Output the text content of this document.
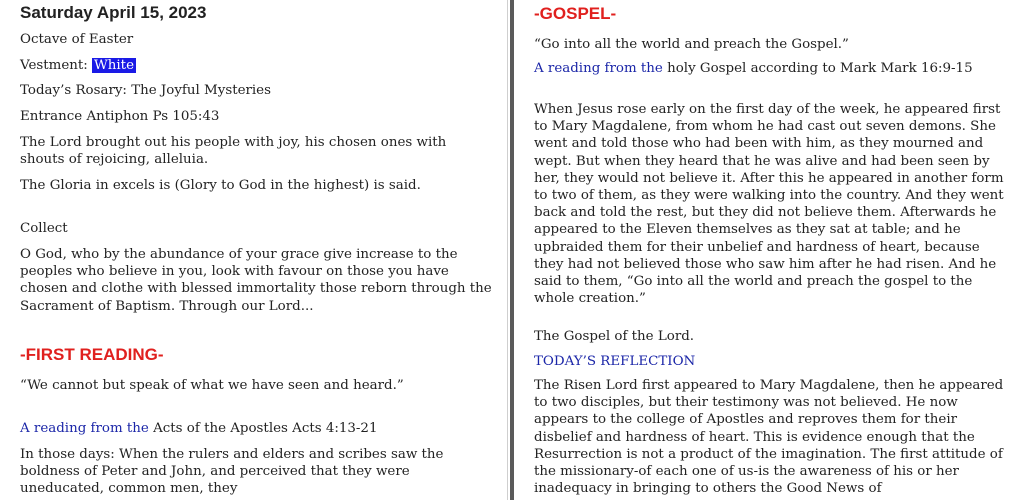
Saturday April 15, 2023

Octave of Easter

Vestment: White

Today’s Rosary: The Joyful Mysteries

Entrance Antiphon Ps 105:43

The Lord brought out his people with joy, his chosen ones with shouts of rejoicing, alleluia.

The Gloria in excels is (Glory to God in the highest) is said.

Collect

O God, who by the abundance of your grace give increase to the peoples who believe in you, look with favour on those you have chosen and clothe with blessed immortality those reborn through the Sacrament of Baptism. Through our Lord...

-FIRST READING-

“We cannot but speak of what we have seen and heard.”

A reading from the Acts of the Apostles Acts 4:13-21

In those days: When the rulers and elders and scribes saw the boldness of Peter and John, and perceived that they were uneducated, common men, they

-GOSPEL-

“Go into all the world and preach the Gospel.”

A reading from the holy Gospel according to Mark Mark 16:9-15

When Jesus rose early on the first day of the week, he appeared first to Mary Magdalene, from whom he had cast out seven demons. She went and told those who had been with him, as they mourned and wept. But when they heard that he was alive and had been seen by her, they would not believe it. After this he appeared in another form to two of them, as they were walking into the country. And they went back and told the rest, but they did not believe them. Afterwards he appeared to the Eleven themselves as they sat at table; and he upbraided them for their unbelief and hardness of heart, because they had not believed those who saw him after he had risen. And he said to them, “Go into all the world and preach the gospel to the whole creation.”

The Gospel of the Lord.

TODAY’S REFLECTION

The Risen Lord first appeared to Mary Magdalene, then he appeared to two disciples, but their testimony was not believed. He now appears to the college of Apostles and reproves them for their disbelief and hardness of heart. This is evidence enough that the Resurrection is not a product of the imagination. The first attitude of the missionary-of each one of us-is the awareness of his or her inadequacy in bringing to others the Good News of
